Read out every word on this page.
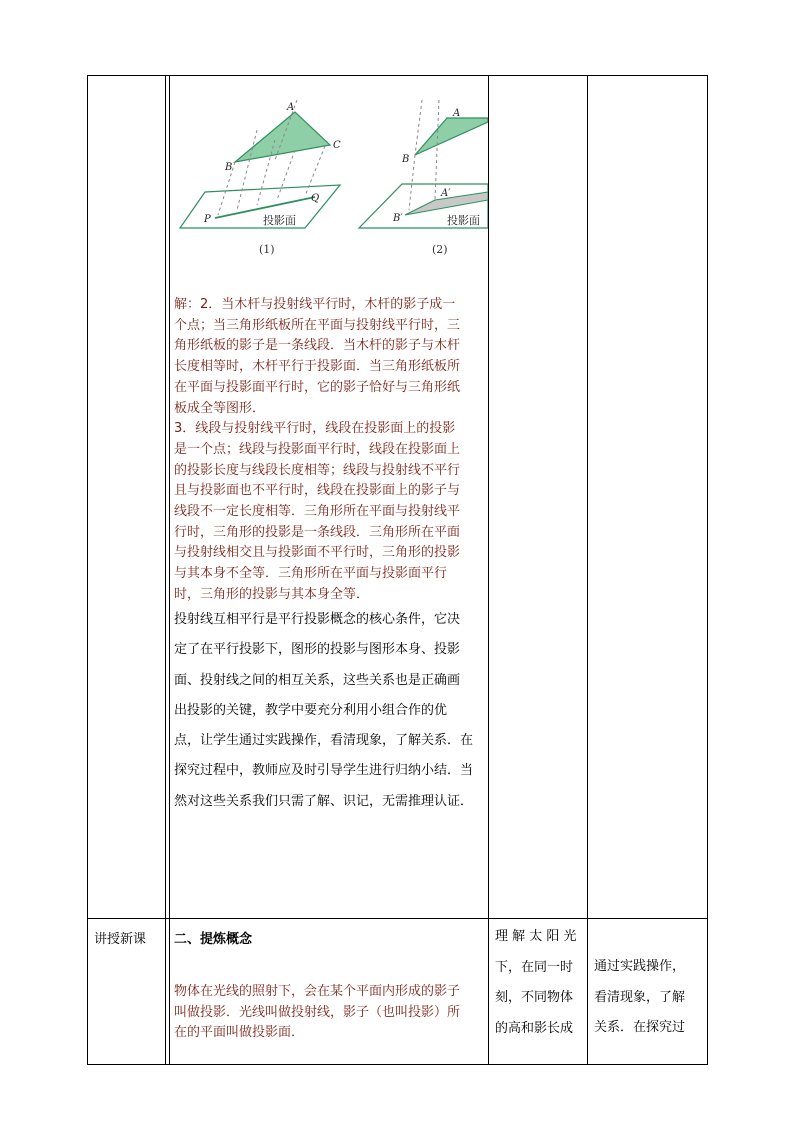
A
B
C
P
Q
投影面
(1)
A
B
A′
B′	投影面
(2)
解：2．当木杆与投射线平行时，木杆的影子成一
个点；当三角形纸板所在平面与投射线平行时，三
角形纸板的影子是一条线段．当木杆的影子与木杆
长度相等时，木杆平行于投影面．当三角形纸板所
在平面与投影面平行时，它的影子恰好与三角形纸
板成全等图形．
3．线段与投射线平行时，线段在投影面上的投影
是一个点；线段与投影面平行时，线段在投影面上
的投影长度与线段长度相等；线段与投射线不平行
且与投影面也不平行时，线段在投影面上的影子与
线段不一定长度相等．三角形所在平面与投射线平
行时，三角形的投影是一条线段．三角形所在平面
与投射线相交且与投影面不平行时，三角形的投影
与其本身不全等．三角形所在平面与投影面平行
时，三角形的投影与其本身全等．
投射线互相平行是平行投影概念的核心条件，它决
定了在平行投影下，图形的投影与图形本身、投影
面、投射线之间的相互关系，这些关系也是正确画
出投影的关键，教学中要充分利用小组合作的优
点，让学生通过实践操作，看清现象，了解关系．在
探究过程中，教师应及时引导学生进行归纳小结．当
然对这些关系我们只需了解、识记，无需推理认证．
讲授新课 二、提炼概念
物体在光线的照射下，会在某个平面内形成的影子
叫做投影．光线叫做投射线，影子（也叫投影）所
在的平面叫做投影面．
理 解 太 阳 光
下，在同一时
刻，不同物体
的高和影长成
通过实践操作，
看清现象，了解
关系．在探究过
